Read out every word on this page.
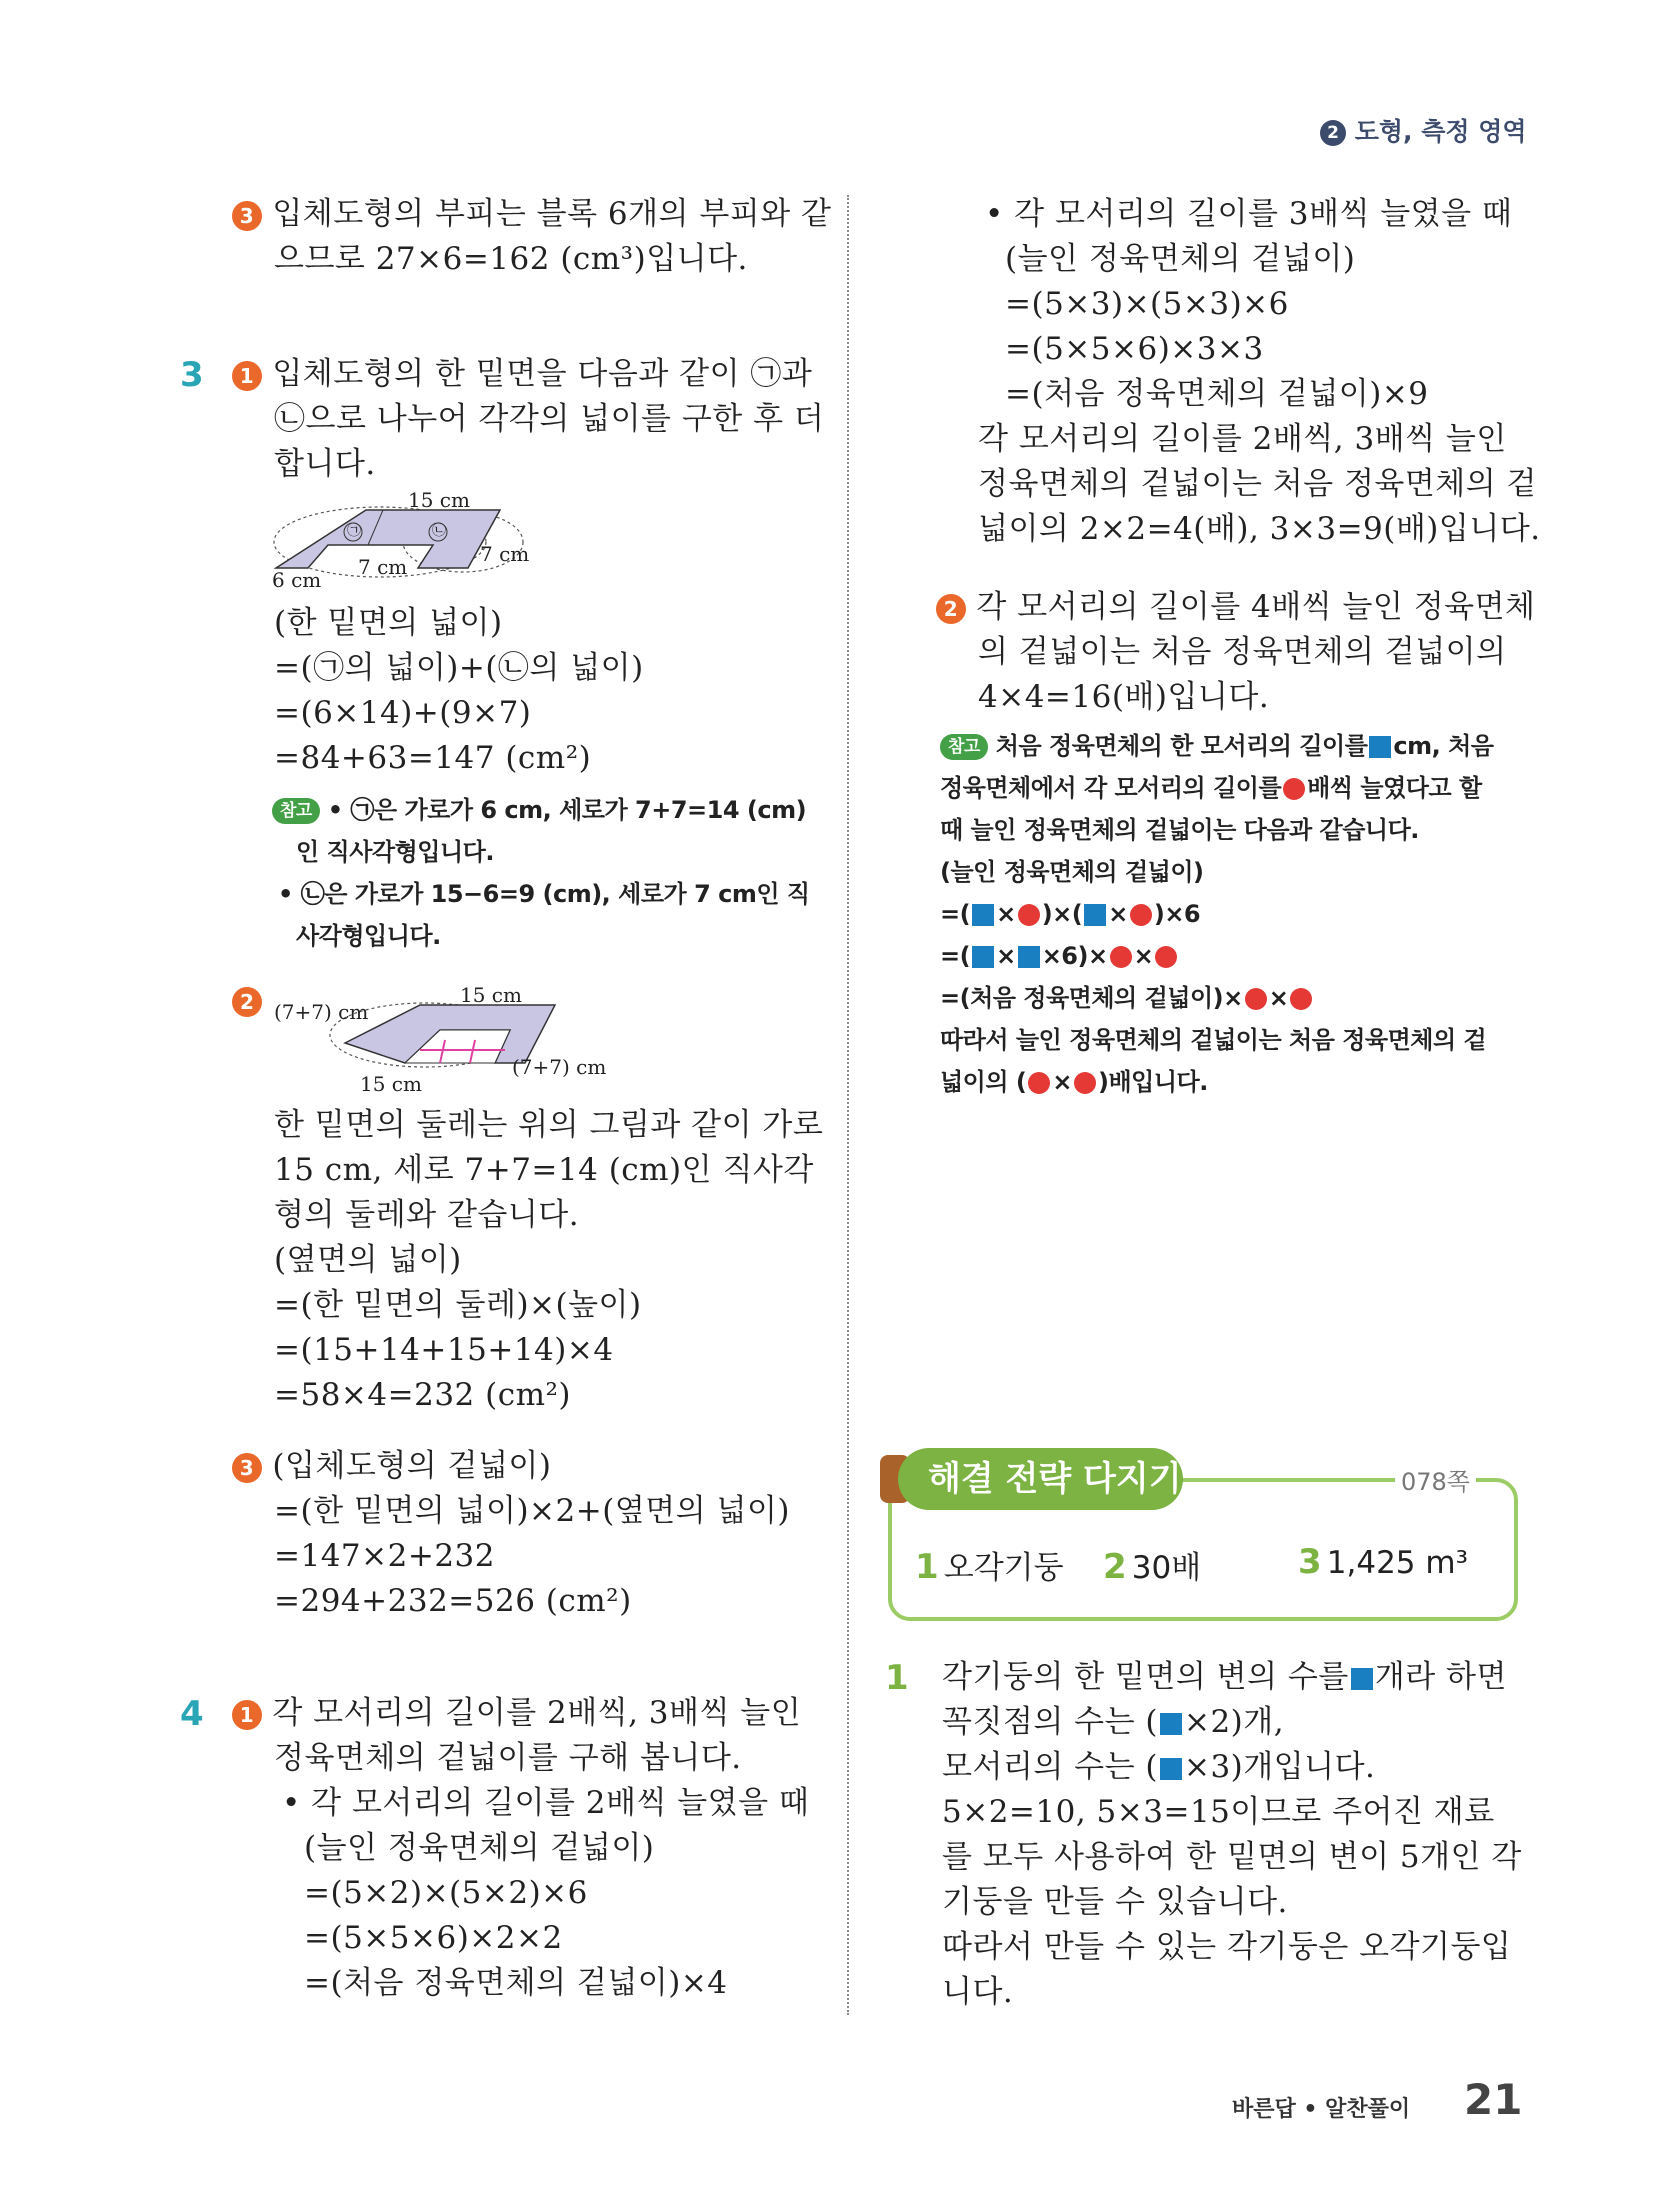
2 도형, 측정 영역
3 입체도형의 부피는 블록 6개의 부피와 같
으므로 27×6=162 (cm³)입니다.
3	1 입체도형의 한 밑면을 다음과 같이 ㉠과
㉡으로 나누어 각각의 넓이를 구한 후 더
합니다.
15 cm
6 cm
7 cm
7 cm
㉠	㉡
(한 밑면의 넓이)
=(㉠의 넓이)+(㉡의 넓이)
=(6×14)+(9×7)
=84+63=147 (cm²)
참고 • ㉠은 가로가 6 cm, 세로가 7+7=14 (cm)
인 직사각형입니다.
• ㉡은 가로가 15−6=9 (cm), 세로가 7 cm인 직
사각형입니다.
2	(7+7) cm
15 cm
15 cm
(7+7) cm
한 밑면의 둘레는 위의 그림과 같이 가로
15 cm, 세로 7+7=14 (cm)인 직사각
형의 둘레와 같습니다.
(옆면의 넓이)
=(한 밑면의 둘레)×(높이)
=(15+14+15+14)×4
=58×4=232 (cm²)
3 (입체도형의 겉넓이)
=(한 밑면의 넓이)×2+(옆면의 넓이)
=147×2+232
=294+232=526 (cm²)
4	1 각 모서리의 길이를 2배씩, 3배씩 늘인
정육면체의 겉넓이를 구해 봅니다.
• 각 모서리의 길이를 2배씩 늘였을 때
(늘인 정육면체의 겉넓이)
=(5×2)×(5×2)×6
=(5×5×6)×2×2
=(처음 정육면체의 겉넓이)×4
• 각 모서리의 길이를 3배씩 늘였을 때
(늘인 정육면체의 겉넓이)
=(5×3)×(5×3)×6
=(5×5×6)×3×3
=(처음 정육면체의 겉넓이)×9
각 모서리의 길이를 2배씩, 3배씩 늘인
정육면체의 겉넓이는 처음 정육면체의 겉
넓이의 2×2=4(배), 3×3=9(배)입니다.
2 각 모서리의 길이를 4배씩 늘인 정육면체
의 겉넓이는 처음 정육면체의 겉넓이의
4×4=16(배)입니다.
참고 처음 정육면체의 한 모서리의 길이를 cm, 처음
정육면체에서 각 모서리의 길이를 배씩 늘였다고 할
때 늘인 정육면체의 겉넓이는 다음과 같습니다.
(늘인 정육면체의 겉넓이)
=( × )×( × )×6
=( × ×6)× ×
=(처음 정육면체의 겉넓이)× ×
따라서 늘인 정육면체의 겉넓이는 처음 정육면체의 겉
넓이의 ( × )배입니다.
해결 전략 다지기	078쪽
1 오각기둥 2 30배	3 1,425 m³
1 각기둥의 한 밑면의 변의 수를 개라 하면
꼭짓점의 수는 ( ×2)개,
모서리의 수는 ( ×3)개입니다.
5×2=10, 5×3=15이므로 주어진 재료
를 모두 사용하여 한 밑면의 변이 5개인 각
기둥을 만들 수 있습니다.
따라서 만들 수 있는 각기둥은 오각기둥입
니다.
바른답 • 알찬풀이 21
